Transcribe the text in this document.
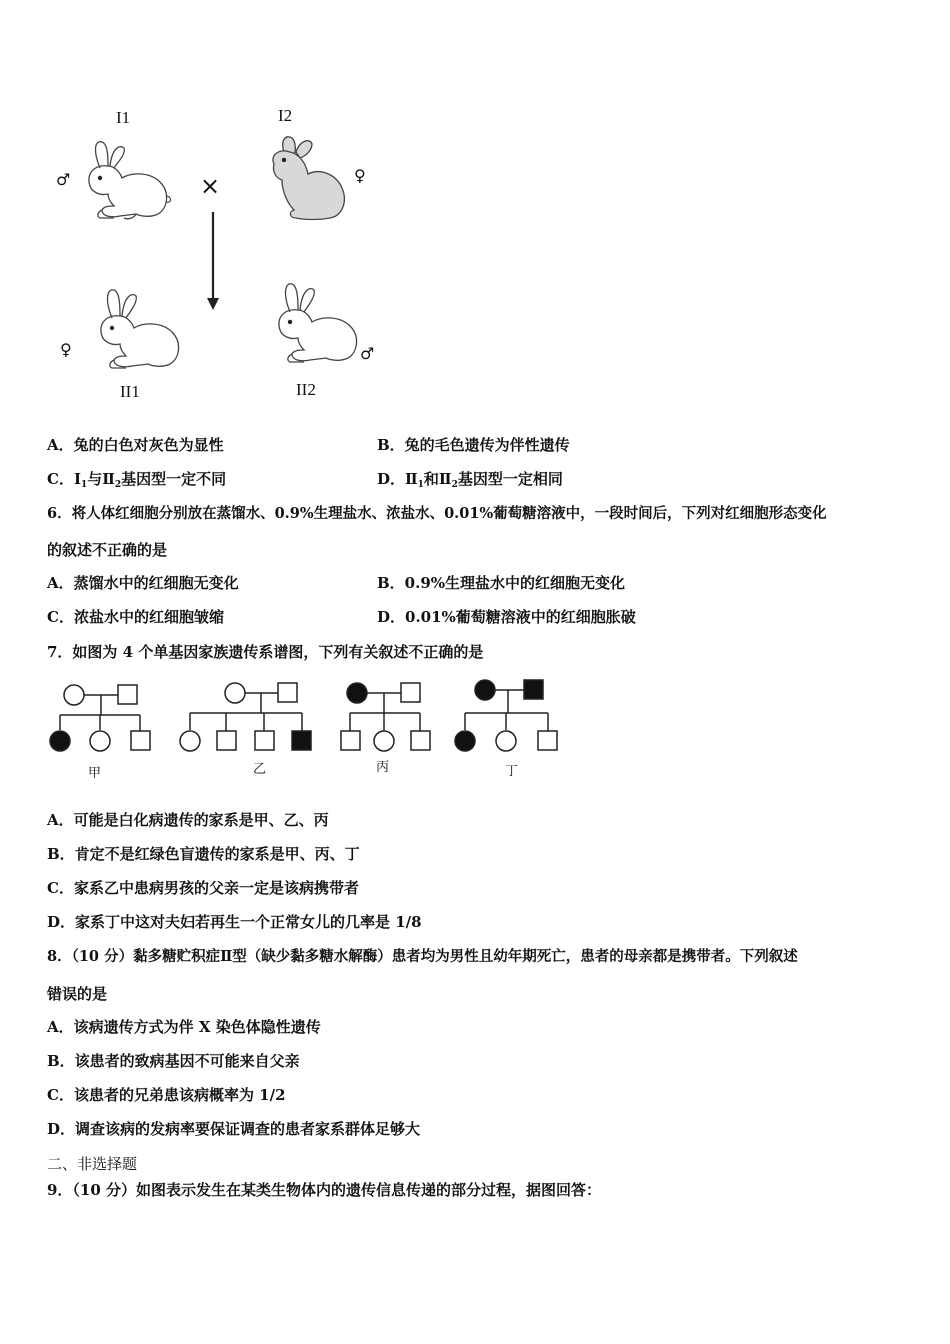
I1	I2
♂	♀
×
♀	♂
II1	II2
A．兔的白色对灰色为显性	B．兔的毛色遗传为伴性遗传
C．$Ⅰ_1$与$Ⅱ_2$基因型一定不同	D．$Ⅱ_1$和$Ⅱ_2$基因型一定相同
6．将人体红细胞分别放在蒸馏水、0.9%生理盐水、浓盐水、0.01%葡萄糖溶液中，一段时间后，下列对红细胞形态变化
的叙述不正确的是
A．蒸馏水中的红细胞无变化	B．0.9%生理盐水中的红细胞无变化
C．浓盐水中的红细胞皱缩	D．0.01%葡萄糖溶液中的红细胞胀破
7．如图为 4 个单基因家族遗传系谱图，下列有关叙述不正确的是
甲	乙	丙	丁
A．可能是白化病遗传的家系是甲、乙、丙
B．肯定不是红绿色盲遗传的家系是甲、丙、丁
C．家系乙中患病男孩的父亲一定是该病携带者
D．家系丁中这对夫妇若再生一个正常女儿的几率是 1/8
8．（10 分）黏多糖贮积症Ⅱ型（缺少黏多糖水解酶）患者均为男性且幼年期死亡，患者的母亲都是携带者。下列叙述
错误的是
A．该病遗传方式为伴 X 染色体隐性遗传
B．该患者的致病基因不可能来自父亲
C．该患者的兄弟患该病概率为 1/2
D．调查该病的发病率要保证调查的患者家系群体足够大
二、非选择题
9．（10 分）如图表示发生在某类生物体内的遗传信息传递的部分过程，据图回答：
